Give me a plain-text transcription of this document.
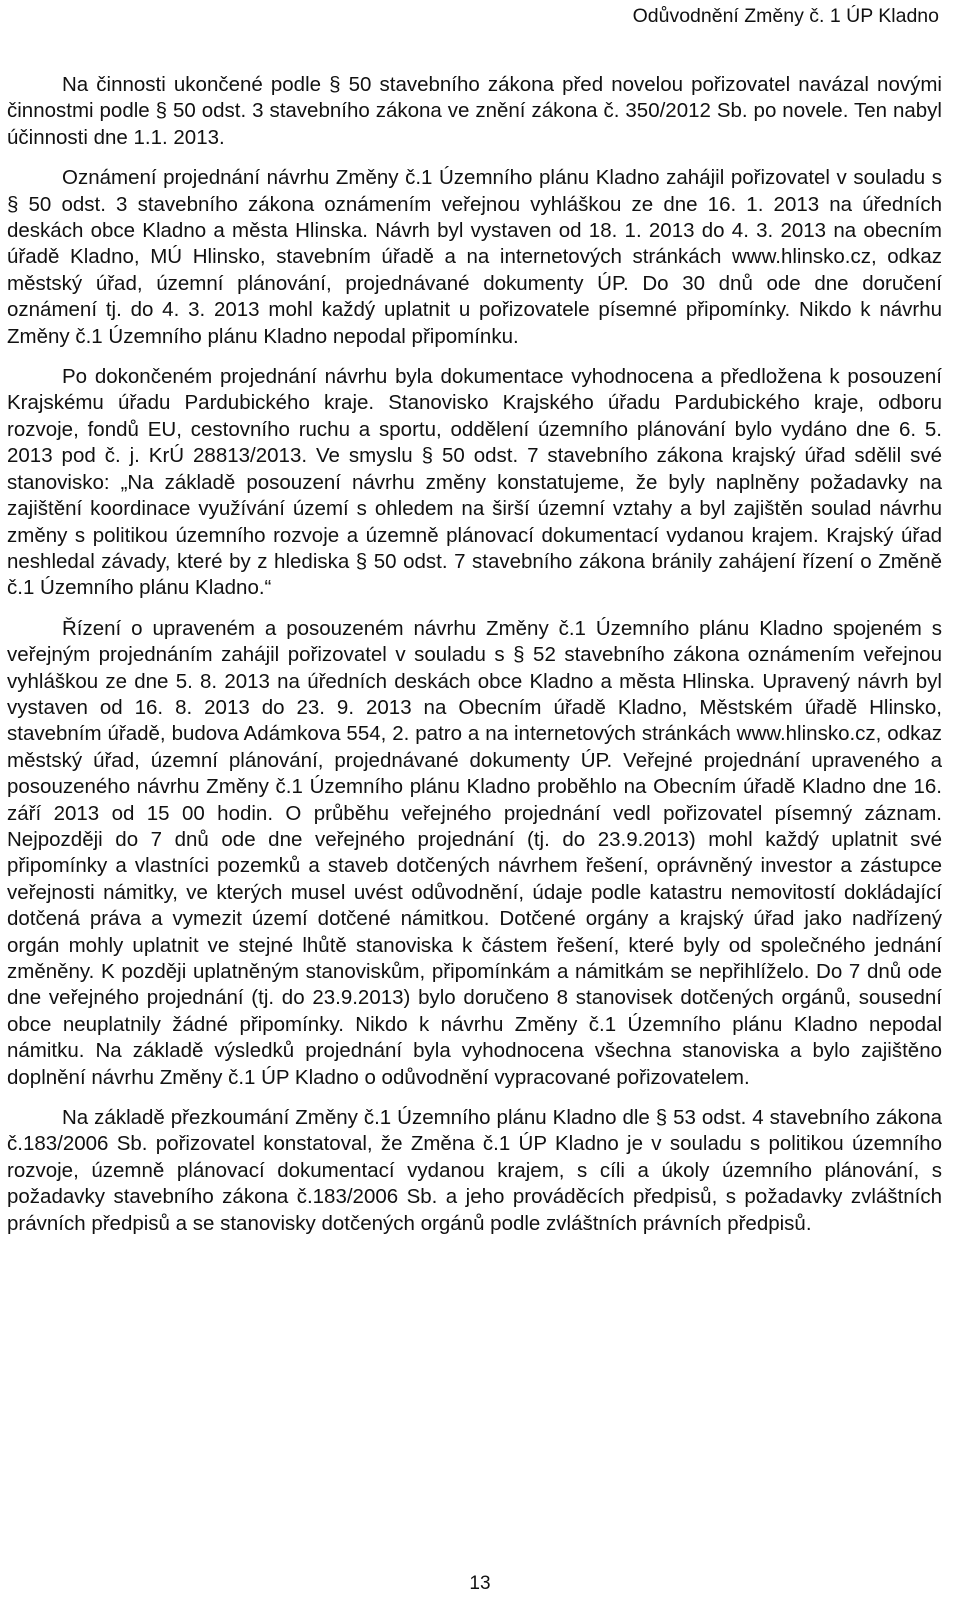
Odůvodnění Změny č. 1 ÚP Kladno

Na činnosti ukončené podle § 50 stavebního zákona před novelou pořizovatel navázal novými činnostmi podle § 50 odst. 3 stavebního zákona ve znění zákona č. 350/2012 Sb. po novele. Ten nabyl účinnosti dne 1.1. 2013.

Oznámení projednání návrhu Změny č.1 Územního plánu Kladno zahájil pořizovatel v souladu s § 50 odst. 3 stavebního zákona oznámením veřejnou vyhláškou ze dne 16. 1. 2013 na úředních deskách obce Kladno a města Hlinska. Návrh byl vystaven od 18. 1. 2013 do 4. 3. 2013 na obecním úřadě Kladno, MÚ Hlinsko, stavebním úřadě a na internetových stránkách www.hlinsko.cz, odkaz městský úřad, územní plánování, projednávané dokumenty ÚP. Do 30 dnů ode dne doručení oznámení tj. do 4. 3. 2013 mohl každý uplatnit u pořizovatele písemné připomínky. Nikdo k návrhu Změny č.1 Územního plánu Kladno nepodal připomínku.

Po dokončeném projednání návrhu byla dokumentace vyhodnocena a předložena k posouzení Krajskému úřadu Pardubického kraje. Stanovisko Krajského úřadu Pardubického kraje, odboru rozvoje, fondů EU, cestovního ruchu a sportu, oddělení územního plánování bylo vydáno dne 6. 5. 2013 pod č. j. KrÚ 28813/2013. Ve smyslu § 50 odst. 7 stavebního zákona krajský úřad sdělil své stanovisko: „Na základě posouzení návrhu změny konstatujeme, že byly naplněny požadavky na zajištění koordinace využívání území s ohledem na širší územní vztahy a byl zajištěn soulad návrhu změny s politikou územního rozvoje a územně plánovací dokumentací vydanou krajem. Krajský úřad neshledal závady, které by z hlediska § 50 odst. 7 stavebního zákona bránily zahájení řízení o Změně č.1 Územního plánu Kladno.“

Řízení o upraveném a posouzeném návrhu Změny č.1 Územního plánu Kladno spojeném s veřejným projednáním zahájil pořizovatel v souladu s § 52 stavebního zákona oznámením veřejnou vyhláškou ze dne 5. 8. 2013 na úředních deskách obce Kladno a města Hlinska. Upravený návrh byl vystaven od 16. 8. 2013 do 23. 9. 2013 na Obecním úřadě Kladno, Městském úřadě Hlinsko, stavebním úřadě, budova Adámkova 554, 2. patro a na internetových stránkách www.hlinsko.cz, odkaz městský úřad, územní plánování, projednávané dokumenty ÚP. Veřejné projednání upraveného a posouzeného návrhu Změny č.1 Územního plánu Kladno proběhlo na Obecním úřadě Kladno dne 16. září 2013 od 15 00 hodin. O průběhu veřejného projednání vedl pořizovatel písemný záznam. Nejpozději do 7 dnů ode dne veřejného projednání (tj. do 23.9.2013) mohl každý uplatnit své připomínky a vlastníci pozemků a staveb dotčených návrhem řešení, oprávněný investor a zástupce veřejnosti námitky, ve kterých musel uvést odůvodnění, údaje podle katastru nemovitostí dokládající dotčená práva a vymezit území dotčené námitkou. Dotčené orgány a krajský úřad jako nadřízený orgán mohly uplatnit ve stejné lhůtě stanoviska k částem řešení, které byly od společného jednání změněny. K později uplatněným stanoviskům, připomínkám a námitkám se nepřihlíželo. Do 7 dnů ode dne veřejného projednání (tj. do 23.9.2013) bylo doručeno 8 stanovisek dotčených orgánů, sousední obce neuplatnily žádné připomínky. Nikdo k návrhu Změny č.1 Územního plánu Kladno nepodal námitku. Na základě výsledků projednání byla vyhodnocena všechna stanoviska a bylo zajištěno doplnění návrhu Změny č.1 ÚP Kladno o odůvodnění vypracované pořizovatelem.

Na základě přezkoumání Změny č.1 Územního plánu Kladno dle § 53 odst. 4 stavebního zákona č.183/2006 Sb. pořizovatel konstatoval, že Změna č.1 ÚP Kladno je v souladu s politikou územního rozvoje, územně plánovací dokumentací vydanou krajem, s cíli a úkoly územního plánování, s požadavky stavebního zákona č.183/2006 Sb. a jeho prováděcích předpisů, s požadavky zvláštních právních předpisů a se stanovisky dotčených orgánů podle zvláštních právních předpisů.

13
